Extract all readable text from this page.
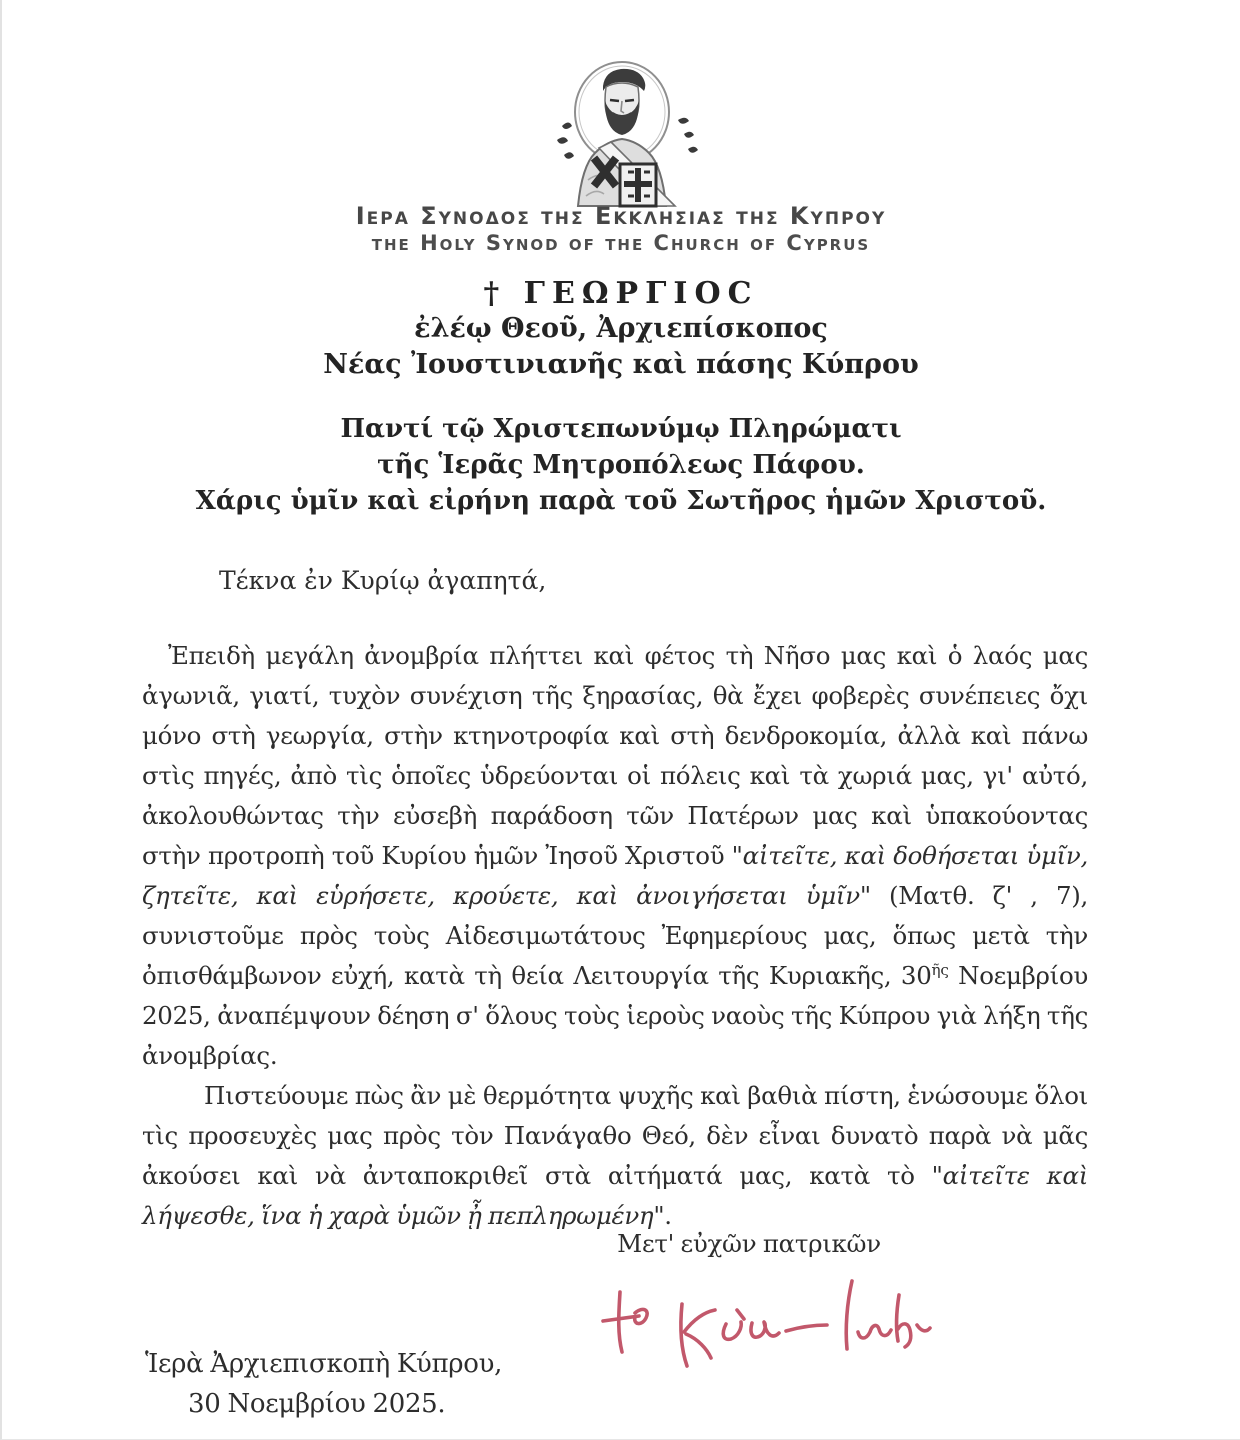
Ιερα Συνοδος της Εκκλησιας της Κυπρου
the Holy Synod of the Church of Cyprus
† ΓΕΩΡΓΙΟϹ
ἐλέῳ Θεοῦ, Ἀρχιεπίσκοπος
Νέας Ἰουστινιανῆς καὶ πάσης Κύπρου
Παντί τῷ Χριστεπωνύμῳ Πληρώματι
τῆς Ἱερᾶς Μητροπόλεως Πάφου.
Χάρις ὑμῖν καὶ εἰρήνη παρὰ τοῦ Σωτῆρος ἡμῶν Χριστοῦ.
Τέκνα ἐν Κυρίῳ ἀγαπητά,

Ἐπειδὴ μεγάλη ἀνομβρία πλήττει καὶ φέτος τὴ Νῆσο μας καὶ ὁ λαός μας ἀγωνιᾶ, γιατί, τυχὸν συνέχιση τῆς ξηρασίας, θὰ ἔχει φοβερὲς συνέπειες ὄχι μόνο στὴ γεωργία, στὴν κτηνοτροφία καὶ στὴ δενδροκομία, ἀλλὰ καὶ πάνω στὶς πηγές, ἀπὸ τὶς ὁποῖες ὑδρεύονται οἱ πόλεις καὶ τὰ χωριά μας, γι' αὐτό, ἀκολουθώντας τὴν εὐσεβὴ παράδοση τῶν Πατέρων μας καὶ ὑπακούοντας στὴν προτροπὴ τοῦ Κυρίου ἡμῶν Ἰησοῦ Χριστοῦ "αἰτεῖτε, καὶ δοθήσεται ὑμῖν, ζητεῖτε, καὶ εὑρήσετε, κρούετε, καὶ ἀνοιγήσεται ὑμῖν" (Ματθ. ζ' , 7), συνιστοῦμε πρὸς τοὺς Αἰδεσιμωτάτους Ἐφημερίους μας, ὅπως μετὰ τὴν ὀπισθάμβωνον εὐχή, κατὰ τὴ θεία Λειτουργία τῆς Κυριακῆς, $30^{ῆ\varsigma}$ Νοεμβρίου 2025, ἀναπέμψουν δέηση σ' ὅλους τοὺς ἱεροὺς ναοὺς τῆς Κύπρου γιὰ λήξη τῆς ἀνομβρίας.

Πιστεύουμε πὼς ἂν μὲ θερμότητα ψυχῆς καὶ βαθιὰ πίστη, ἑνώσουμε ὅλοι τὶς προσευχὲς μας πρὸς τὸν Πανάγαθο Θεό, δὲν εἶναι δυνατὸ παρὰ νὰ μᾶς ἀκούσει καὶ νὰ ἀνταποκριθεῖ στὰ αἰτήματά μας, κατὰ τὸ "αἰτεῖτε καὶ λήψεσθε, ἵνα ἡ χαρὰ ὑμῶν ᾖ πεπληρωμένη".

Μετ' εὐχῶν πατρικῶν
Ἱερὰ Ἀρχιεπισκοπὴ Κύπρου,
30 Νοεμβρίου 2025.
